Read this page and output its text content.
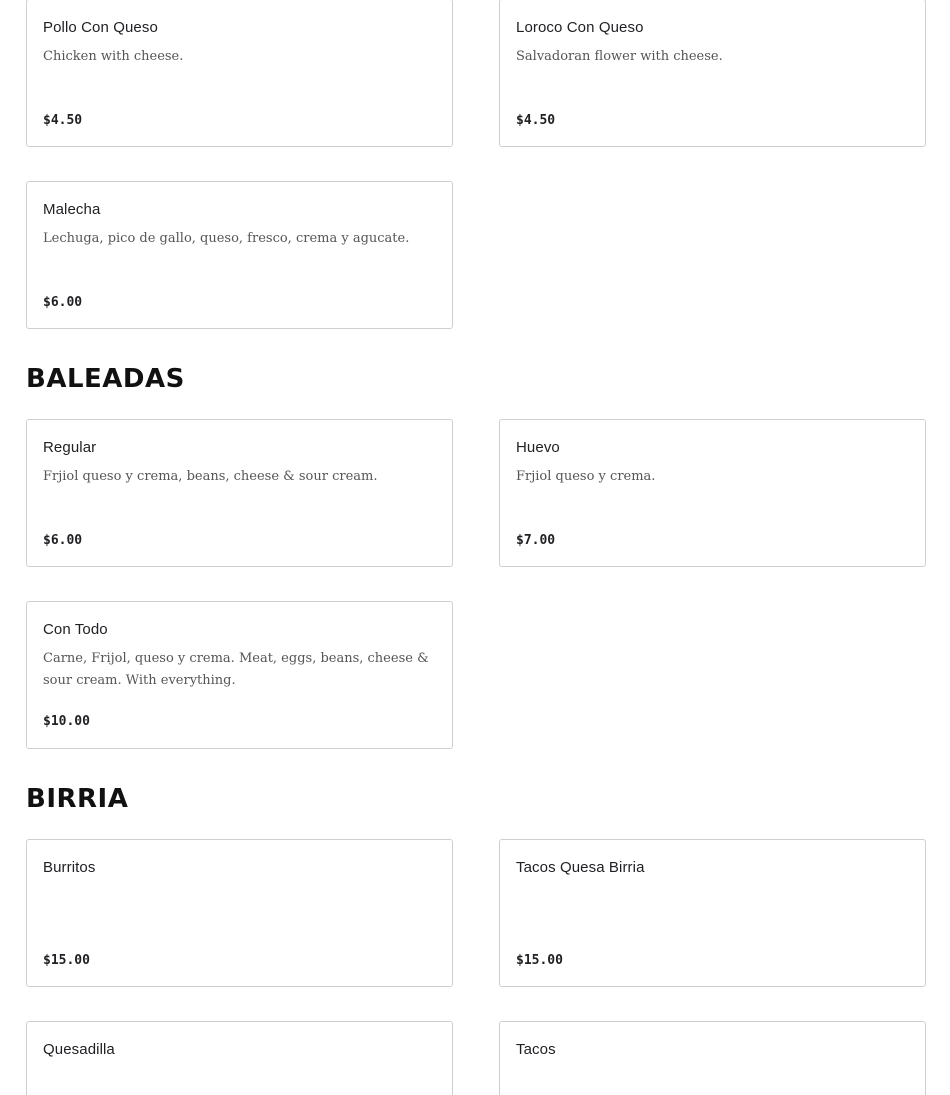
Pollo Con Queso
Chicken with cheese.
$4.50
Loroco Con Queso
Salvadoran flower with cheese.
$4.50
Malecha
Lechuga, pico de gallo, queso, fresco, crema y agucate.
$6.00
BALEADAS
Regular
Frjiol queso y crema, beans, cheese & sour cream.
$6.00
Huevo
Frjiol queso y crema.
$7.00
Con Todo
Carne, Frijol, queso y crema. Meat, eggs, beans, cheese & sour cream. With everything.
$10.00
BIRRIA
Burritos
$15.00
Tacos Quesa Birria
$15.00
Quesadilla	Tacos
